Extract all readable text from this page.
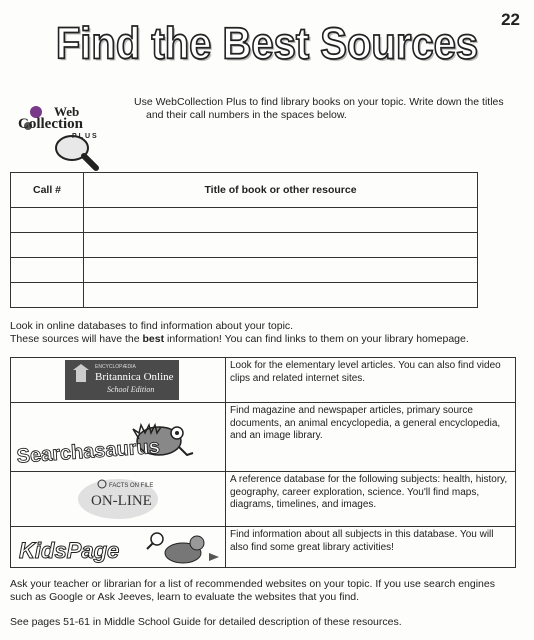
22
Find the Best Sources
Web
Collection
PLUS
Use WebCollection Plus to find library books on your topic. Write down the titles
and their call numbers in the spaces below.
Call #	Title of book or other resource

Look in online databases to find information about your topic.
These sources will have the best information! You can find links to them on your library homepage.
ENCYCLOPÆDIA
Britannica Online
School Edition	Look for the elementary level articles. You can also find video clips and related internet sites.

Searchasaurus	Find magazine and newspaper articles, primary source documents, an animal encyclopedia, a general encyclopedia, and an image library.

FACTS ON FILE
ON-LINE	A reference database for the following subjects: health, history, geography, career exploration, science. You'll find maps, diagrams, timelines, and images.

KidsPage	Find information about all subjects in this database. You will also find some great library activities!
Ask your teacher or librarian for a list of recommended websites on your topic. If you use search engines such as Google or Ask Jeeves, learn to evaluate the websites that you find.
See pages 51-61 in Middle School Guide for detailed description of these resources.
